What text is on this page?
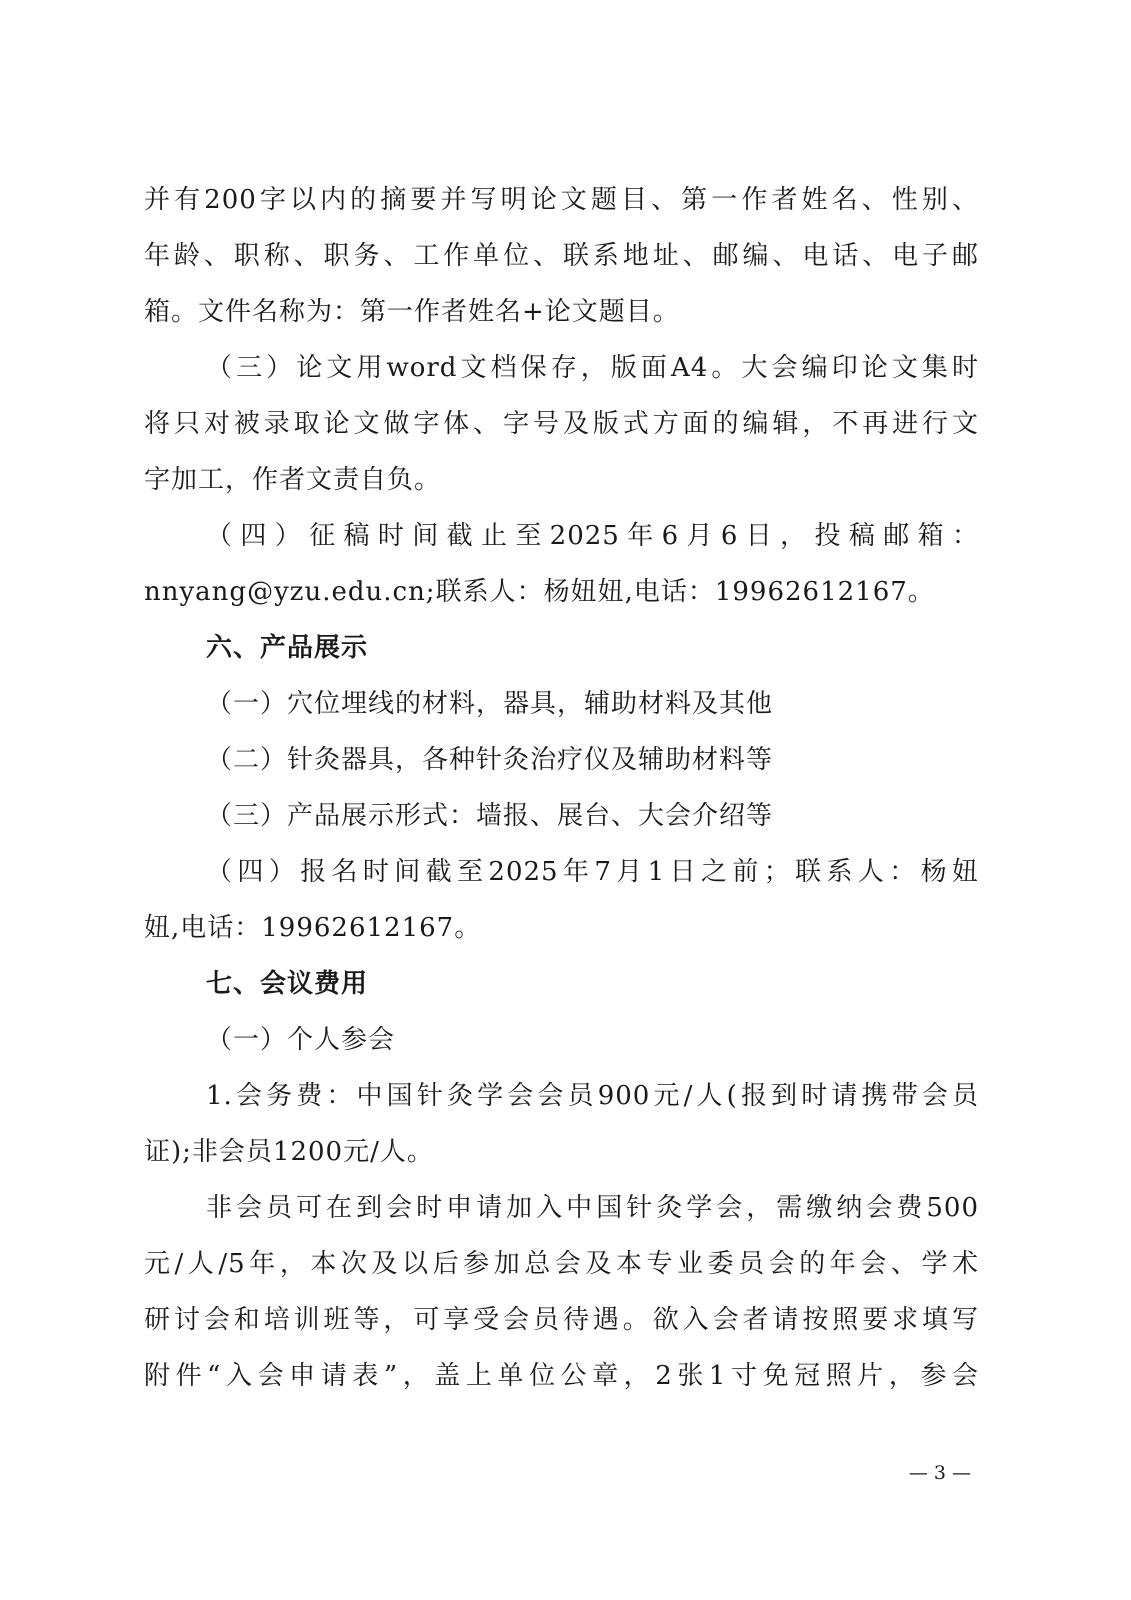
并有200字以内的摘要并写明论文题目、第一作者姓名、性别、
年龄、职称、职务、工作单位、联系地址、邮编、电话、电子邮
箱。文件名称为：第一作者姓名+论文题目。
（三）论文用word文档保存，版面A4。大会编印论文集时
将只对被录取论文做字体、字号及版式方面的编辑，不再进行文
字加工，作者文责自负。
（四）征稿时间截止至2025年6月6日，投稿邮箱：
nnyang@yzu.edu.cn;联系人：杨妞妞,电话：19962612167。
六、产品展示
（一）穴位埋线的材料，器具，辅助材料及其他
（二）针灸器具，各种针灸治疗仪及辅助材料等
（三）产品展示形式：墙报、展台、大会介绍等
（四）报名时间截至2025年7月1日之前；联系人：杨妞
妞,电话：19962612167。
七、会议费用
（一）个人参会
1.会务费：中国针灸学会会员900元/人(报到时请携带会员
证);非会员1200元/人。
非会员可在到会时申请加入中国针灸学会，需缴纳会费500
元/人/5年，本次及以后参加总会及本专业委员会的年会、学术
研讨会和培训班等，可享受会员待遇。欲入会者请按照要求填写
附件“入会申请表”，盖上单位公章，2张1寸免冠照片，参会
— 3 —
